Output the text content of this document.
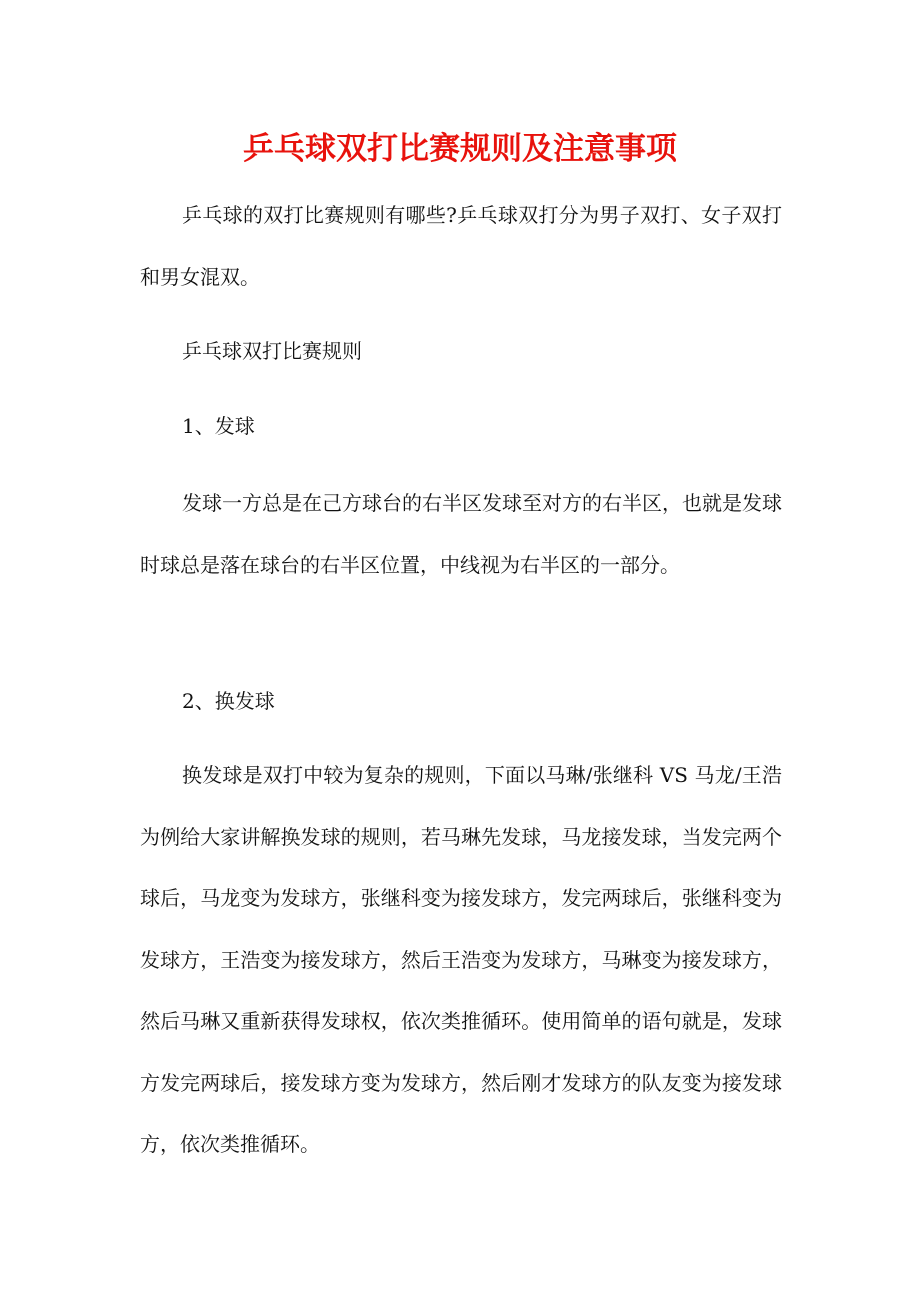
乒乓球双打比赛规则及注意事项

乒乓球的双打比赛规则有哪些?乒乓球双打分为男子双打、女子双打和男女混双。

乒乓球双打比赛规则

1、发球

发球一方总是在己方球台的右半区发球至对方的右半区，也就是发球时球总是落在球台的右半区位置，中线视为右半区的一部分。

2、换发球

换发球是双打中较为复杂的规则，下面以马琳/张继科 VS 马龙/王浩为例给大家讲解换发球的规则，若马琳先发球，马龙接发球，当发完两个球后，马龙变为发球方，张继科变为接发球方，发完两球后，张继科变为发球方，王浩变为接发球方，然后王浩变为发球方，马琳变为接发球方，然后马琳又重新获得发球权，依次类推循环。使用简单的语句就是，发球方发完两球后，接发球方变为发球方，然后刚才发球方的队友变为接发球方，依次类推循环。
